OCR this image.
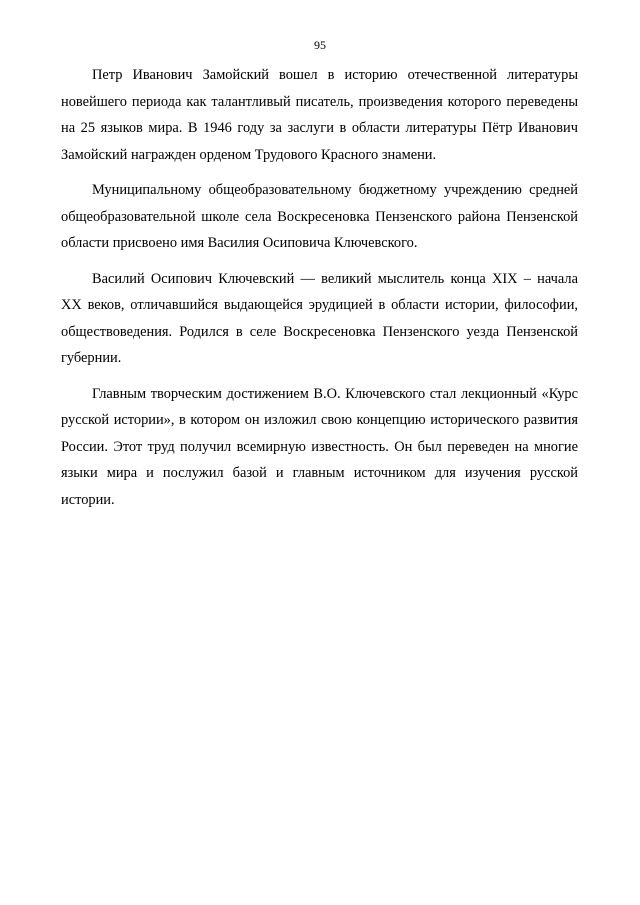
95

Петр Иванович Замойский вошел в историю отечественной литературы новейшего периода как талантливый писатель, произведения которого переведены на 25 языков мира. В 1946 году за заслуги в области литературы Пётр Иванович Замойский награжден орденом Трудового Красного знамени.

Муниципальному общеобразовательному бюджетному учреждению средней общеобразовательной школе села Воскресеновка Пензенского района Пензенской области присвоено имя Василия Осиповича Ключевского.

Василий Осипович Ключевский — великий мыслитель конца XIX – начала XX веков, отличавшийся выдающейся эрудицией в области истории, философии, обществоведения. Родился в селе Воскресеновка Пензенского уезда Пензенской губернии.

Главным творческим достижением В.О. Ключевского стал лекционный «Курс русской истории», в котором он изложил свою концепцию исторического развития России. Этот труд получил всемирную известность. Он был переведен на многие языки мира и послужил базой и главным источником для изучения русской истории.
